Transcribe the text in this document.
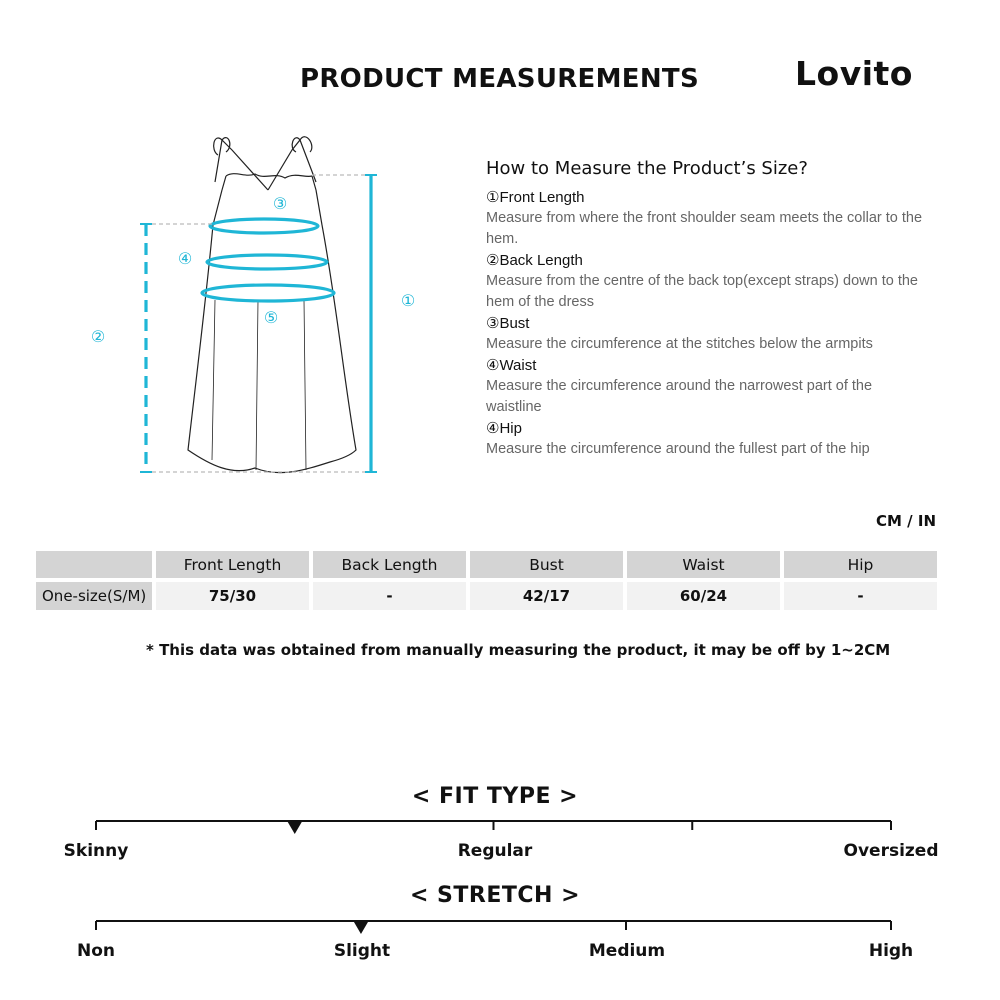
PRODUCT MEASUREMENTS	Lovito
①
②
③
④
⑤
How to Measure the Product’s Size?
①Front Length
Measure from where the front shoulder seam meets the collar to the hem.
②Back Length
Measure from the centre of the back top(except straps) down to the hem of the dress
③Bust
Measure the circumference at the stitches below the armpits
④Waist
Measure the circumference around the narrowest part of the waistline
④Hip
Measure the circumference around the fullest part of the hip
CM / IN
	Front Length	Back Length	Bust	Waist	Hip
One-size(S/M)	75/30	-	42/17	60/24	-
* This data was obtained from manually measuring the product, it may be off by 1~2CM
< FIT TYPE >
Skinny	Regular	Oversized
< STRETCH >
Non	Slight	Medium	High
